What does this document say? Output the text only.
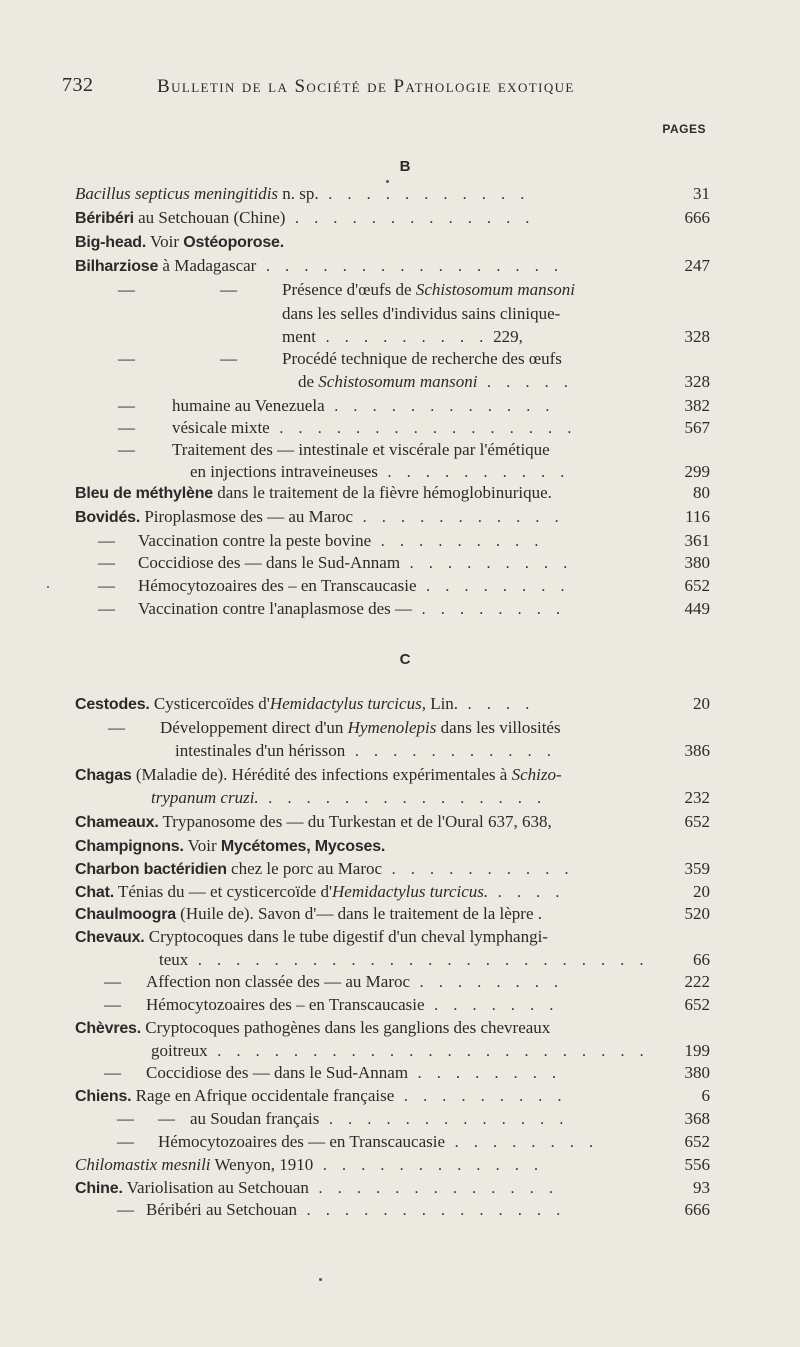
732	Bulletin de la Société de Pathologie exotique
PAGES
B
C
Bacillus septicus meningitidis n. sp. . . . . . . . . . . .	31
Béribéri au Setchouan (Chine) . . . . . . . . . . . . .	666
Big-head. Voir Ostéoporose.
Bilharziose à Madagascar . . . . . . . . . . . . . . . .	247
—	—	Présence d'œufs de Schistosomum mansoni
dans les selles d'individus sains clinique-
ment . . . . . . . . . 229,	328
—	—	Procédé technique de recherche des œufs
de Schistosomum mansoni . . . . .	328
— humaine au Venezuela . . . . . . . . . . . .	382
— vésicale mixte . . . . . . . . . . . . . . . .	567
— Traitement des — intestinale et viscérale par l'émétique
en injections intraveineuses . . . . . . . . . .	299
Bleu de méthylène dans le traitement de la fièvre hémoglobinurique.	80
Bovidés. Piroplasmose des — au Maroc . . . . . . . . . . .	116
— Vaccination contre la peste bovine . . . . . . . . .	361
— Coccidiose des — dans le Sud-Annam . . . . . . . . .	380
— Hémocytozoaires des – en Transcaucasie . . . . . . . .	652
— Vaccination contre l'anaplasmose des — . . . . . . . .	449
Cestodes. Cysticercoïdes d'Hemidactylus turcicus, Lin. . . . .	20
— Développement direct d'un Hymenolepis dans les villosités
intestinales d'un hérisson . . . . . . . . . . .	386
Chagas (Maladie de). Hérédité des infections expérimentales à Schizo-
trypanum cruzi. . . . . . . . . . . . . . . .	232
Chameaux. Trypanosome des — du Turkestan et de l'Oural 637, 638,	652
Champignons. Voir Mycétomes, Mycoses.
Charbon bactéridien chez le porc au Maroc . . . . . . . . . .	359
Chat. Ténias du — et cysticercoïde d'Hemidactylus turcicus. . . . .	20
Chaulmoogra (Huile de). Savon d'— dans le traitement de la lèpre .	520
Chevaux. Cryptocoques dans le tube digestif d'un cheval lymphangi-
teux . . . . . . . . . . . . . . . . . . . . . . . .	66
— Affection non classée des — au Maroc . . . . . . . .	222
— Hémocytozoaires des – en Transcaucasie . . . . . . .	652
Chèvres. Cryptocoques pathogènes dans les ganglions des chevreaux
goitreux . . . . . . . . . . . . . . . . . . . . . . . 199
— Coccidiose des — dans le Sud-Annam . . . . . . . .	380
Chiens. Rage en Afrique occidentale française . . . . . . . . .	6
— — au Soudan français . . . . . . . . . . . . .	368
— Hémocytozoaires des — en Transcaucasie . . . . . . . .	652
Chilomastix mesnili Wenyon, 1910 . . . . . . . . . . . .	556
Chine. Variolisation au Setchouan . . . . . . . . . . . . .	93
— Béribéri au Setchouan . . . . . . . . . . . . . .	666
